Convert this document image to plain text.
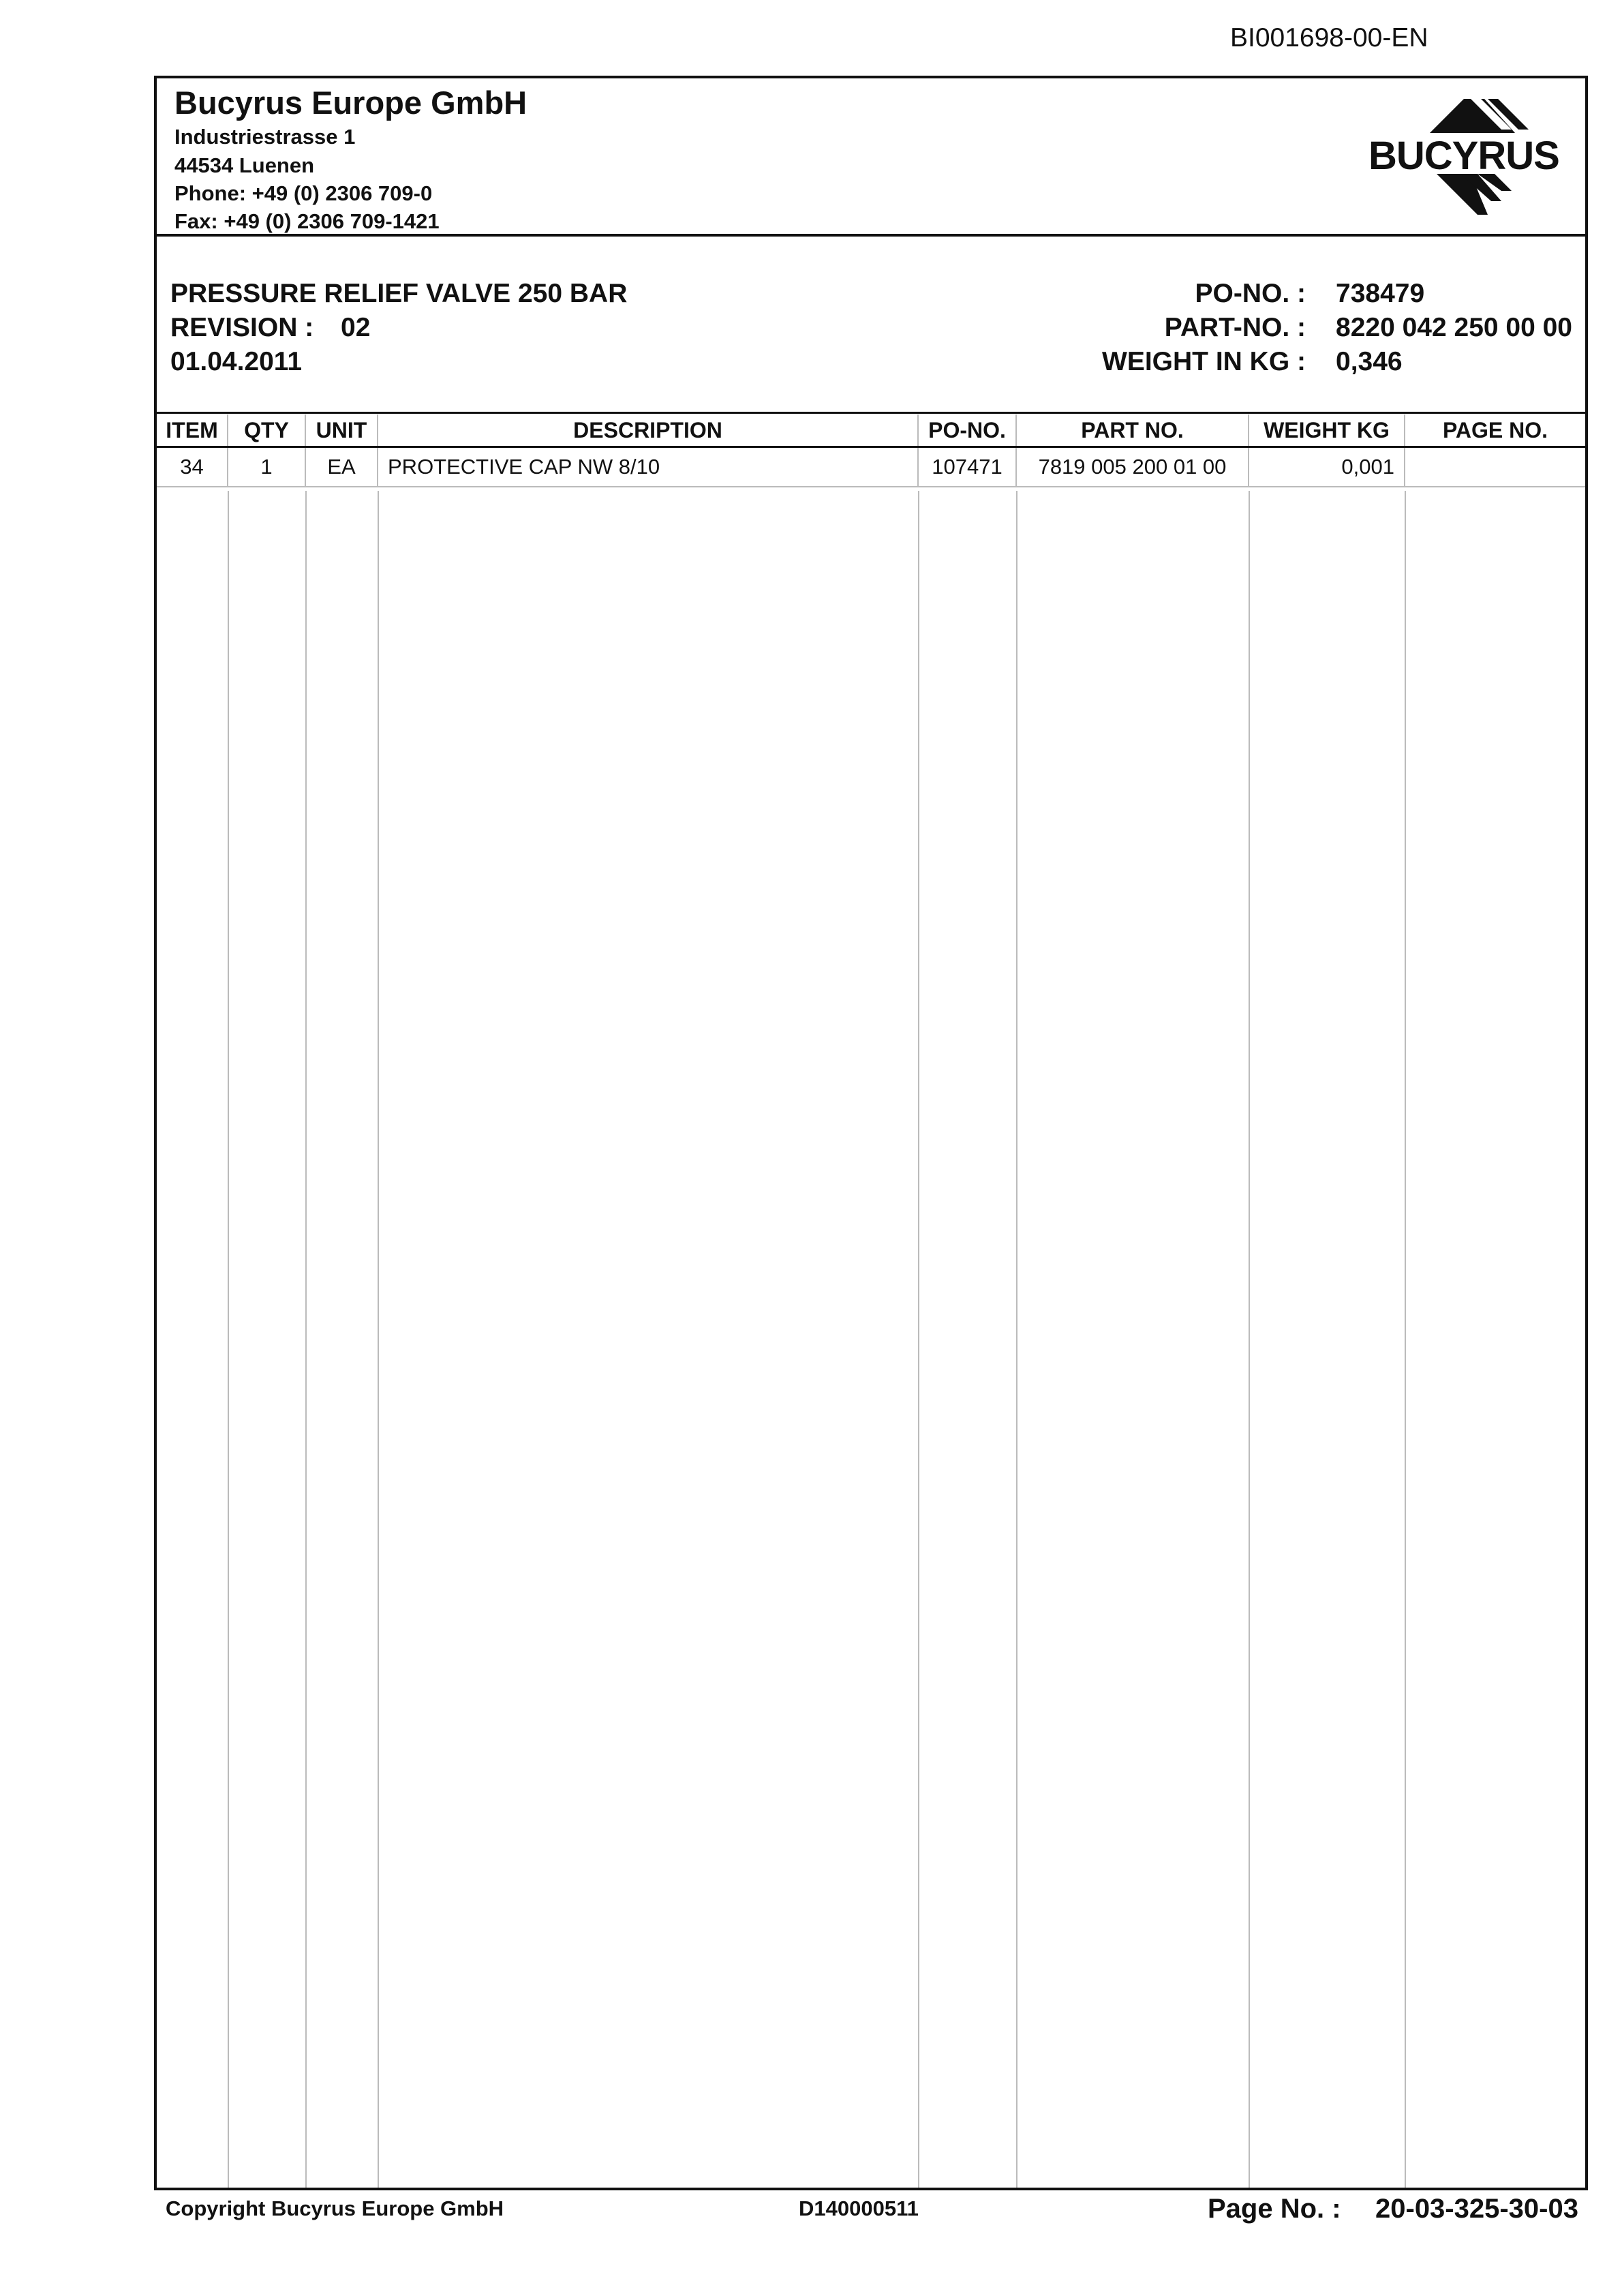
BI001698-00-EN
Bucyrus Europe GmbH
Industriestrasse 1
44534 Luenen
Phone: +49 (0) 2306 709-0
Fax: +49 (0) 2306 709-1421
BUCYRUS
PRESSURE RELIEF VALVE 250 BAR
REVISION : 02
01.04.2011
PO-NO. : 738479
PART-NO. : 8220 042 250 00 00
WEIGHT IN KG : 0,346
ITEM	QTY	UNIT	DESCRIPTION	PO-NO.	PART NO.	WEIGHT KG	PAGE NO.
34	1	EA	PROTECTIVE CAP NW 8/10	107471	7819 005 200 01 00	0,001	
Copyright Bucyrus Europe GmbH	D140000511	Page No. : 20-03-325-30-03
